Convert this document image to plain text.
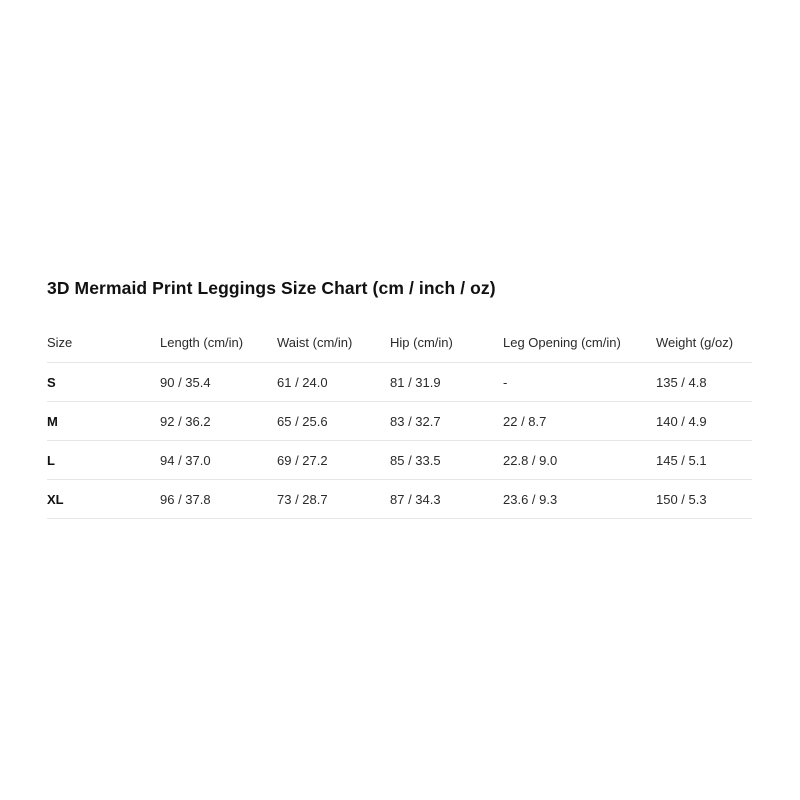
3D Mermaid Print Leggings Size Chart (cm / inch / oz)
Size	Length (cm/in)	Waist (cm/in)	Hip (cm/in)	Leg Opening (cm/in)	Weight (g/oz)
S	90 / 35.4	61 / 24.0	81 / 31.9	-	135 / 4.8
M	92 / 36.2	65 / 25.6	83 / 32.7	22 / 8.7	140 / 4.9
L	94 / 37.0	69 / 27.2	85 / 33.5	22.8 / 9.0	145 / 5.1
XL	96 / 37.8	73 / 28.7	87 / 34.3	23.6 / 9.3	150 / 5.3
